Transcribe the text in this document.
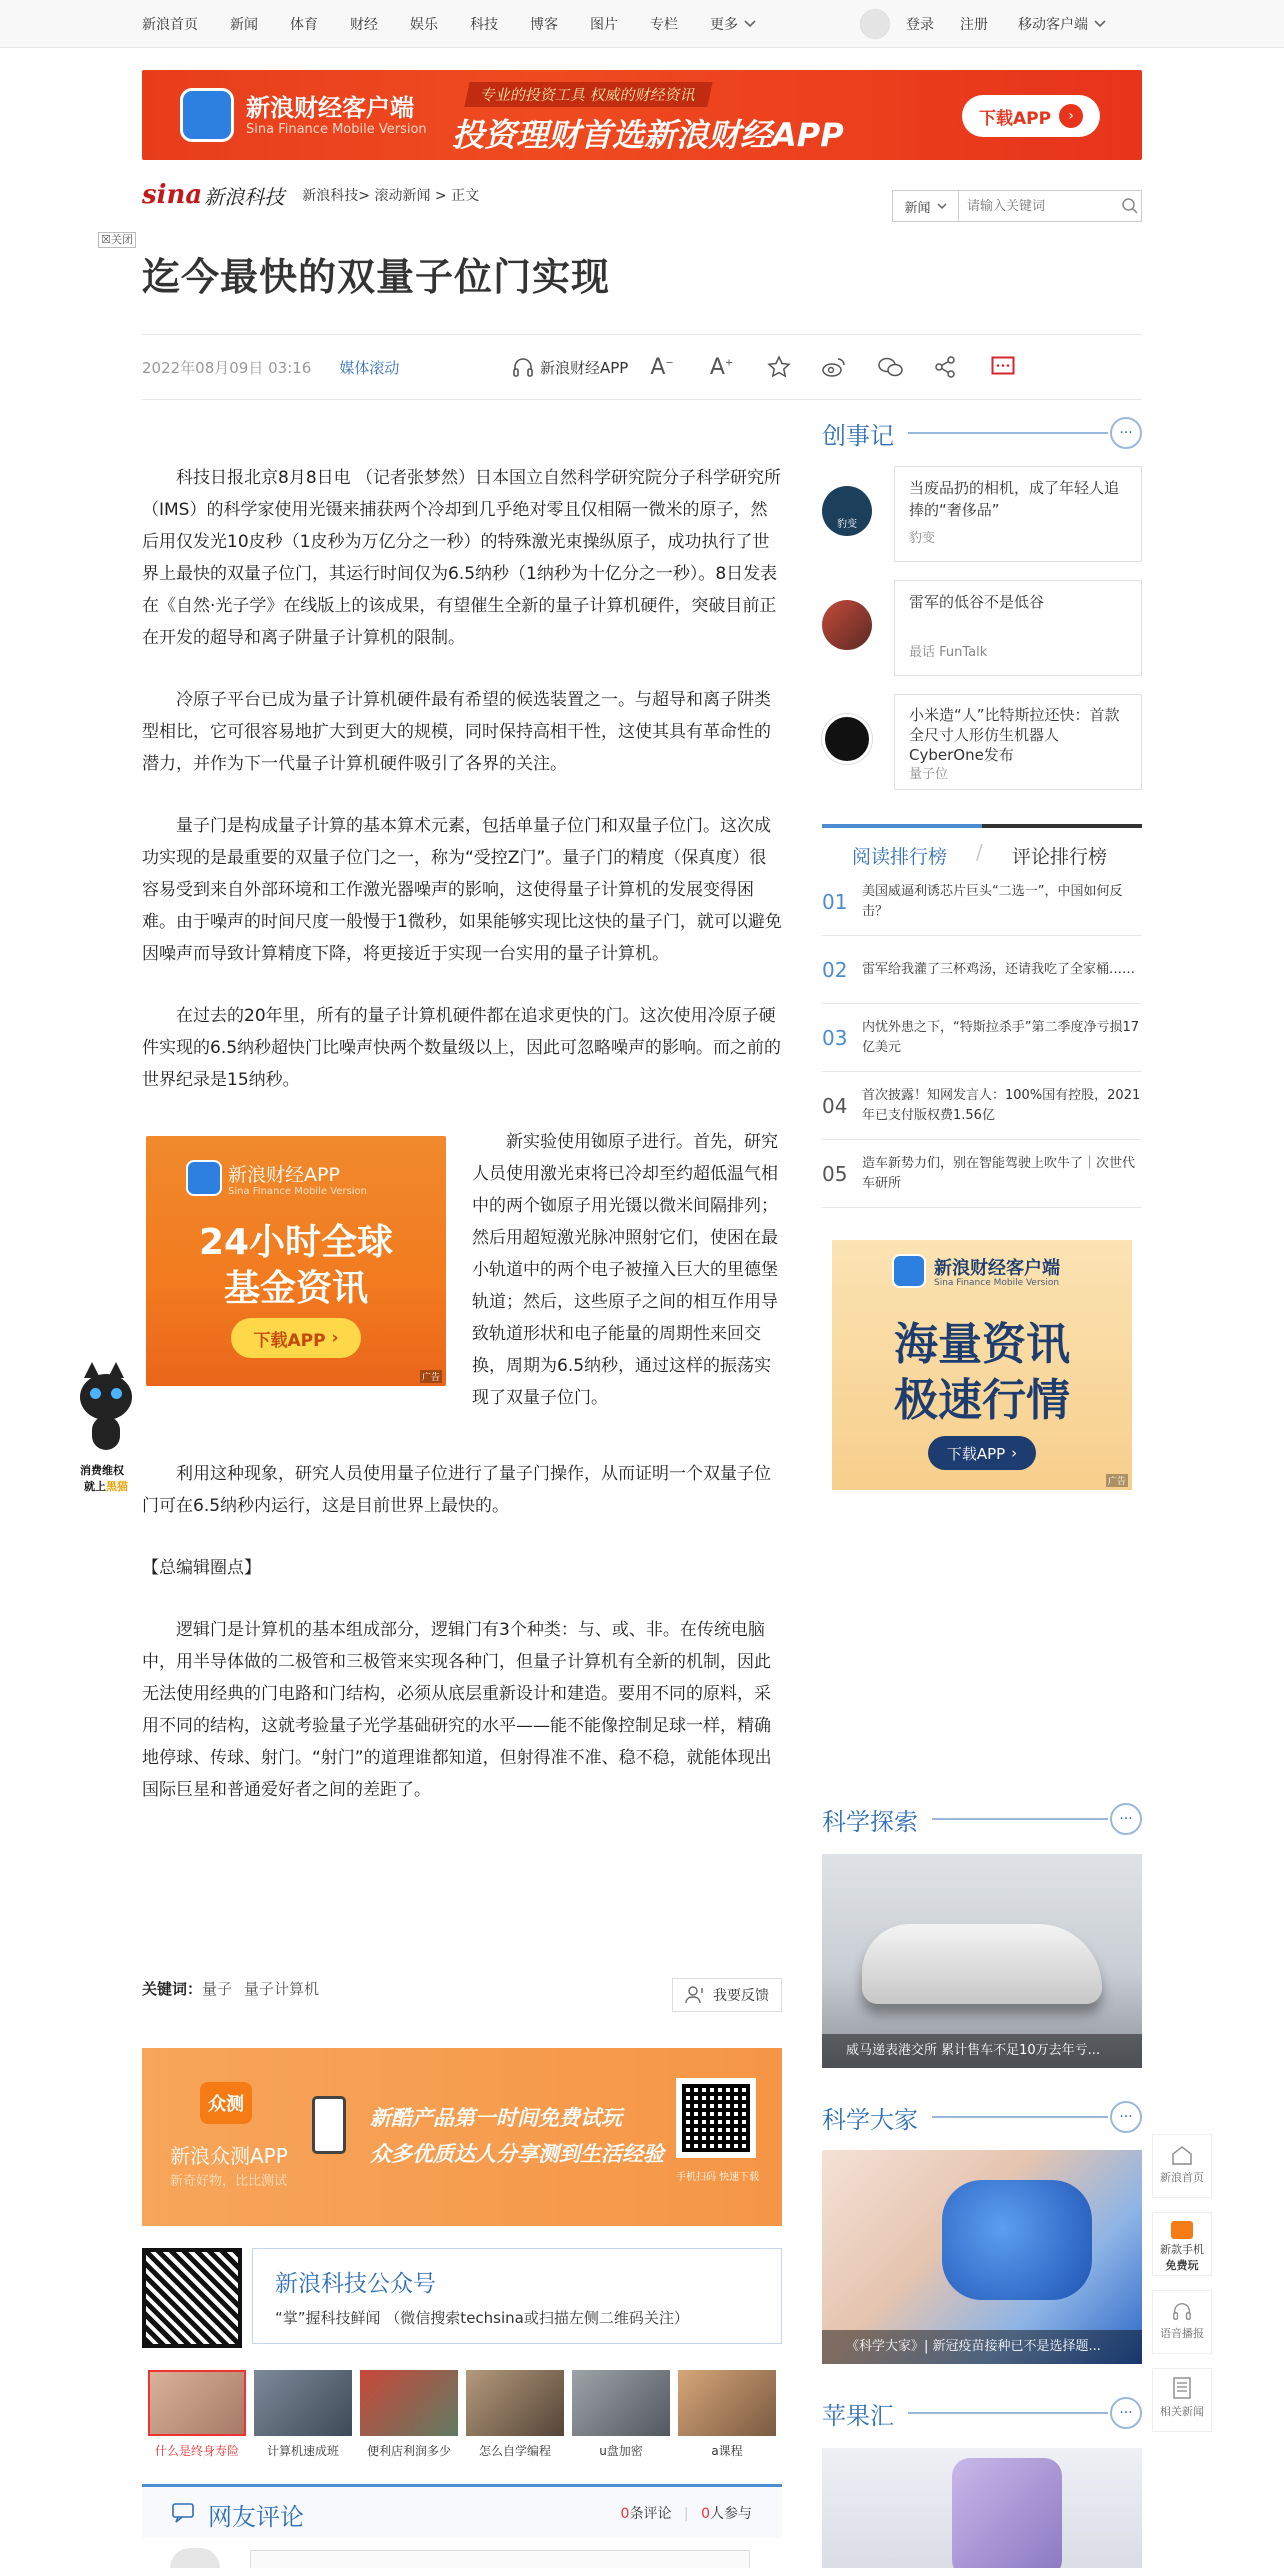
新浪首页 新闻 体育 财经 娱乐 科技 博客 图片 专栏 更多	登录 注册 移动客户端
新浪财经客户端
Sina Finance Mobile Version
专业的投资工具 权威的财经资讯
投资理财首选新浪财经APP	下载APP	›
sina 新浪科技 新浪科技> 滚动新闻 > 正文
新闻
请输入关键词
☒关闭
迄今最快的双量子位门实现
2022年08月09日 03:16 媒体滚动	新浪财经APP A− A+

科技日报北京8月8日电 （记者张梦然）日本国立自然科学研究院分子科学研究所（IMS）的科学家使用光镊来捕获两个冷却到几乎绝对零且仅相隔一微米的原子，然后用仅发光10皮秒（1皮秒为万亿分之一秒）的特殊激光束操纵原子，成功执行了世界上最快的双量子位门，其运行时间仅为6.5纳秒（1纳秒为十亿分之一秒）。8日发表在《自然·光子学》在线版上的该成果，有望催生全新的量子计算机硬件，突破目前正在开发的超导和离子阱量子计算机的限制。

冷原子平台已成为量子计算机硬件最有希望的候选装置之一。与超导和离子阱类型相比，它可很容易地扩大到更大的规模，同时保持高相干性，这使其具有革命性的潜力，并作为下一代量子计算机硬件吸引了各界的关注。

量子门是构成量子计算的基本算术元素，包括单量子位门和双量子位门。这次成功实现的是最重要的双量子位门之一，称为“受控Z门”。量子门的精度（保真度）很容易受到来自外部环境和工作激光器噪声的影响，这使得量子计算机的发展变得困难。由于噪声的时间尺度一般慢于1微秒，如果能够实现比这快的量子门，就可以避免因噪声而导致计算精度下降，将更接近于实现一台实用的量子计算机。

在过去的20年里，所有的量子计算机硬件都在追求更快的门。这次使用冷原子硬件实现的6.5纳秒超快门比噪声快两个数量级以上，因此可忽略噪声的影响。而之前的世界纪录是15纳秒。

新浪财经APP
Sina Finance Mobile Version
24小时全球
基金资讯
下载APP ›
广告

新实验使用铷原子进行。首先，研究人员使用激光束将已冷却至约超低温气相中的两个铷原子用光镊以微米间隔排列；然后用超短激光脉冲照射它们，使困在最小轨道中的两个电子被撞入巨大的里德堡轨道；然后，这些原子之间的相互作用导致轨道形状和电子能量的周期性来回交换，周期为6.5纳秒，通过这样的振荡实现了双量子位门。

利用这种现象，研究人员使用量子位进行了量子门操作，从而证明一个双量子位门可在6.5纳秒内运行，这是目前世界上最快的。

【总编辑圈点】

逻辑门是计算机的基本组成部分，逻辑门有3个种类：与、或、非。在传统电脑中，用半导体做的二极管和三极管来实现各种门，但量子计算机有全新的机制，因此无法使用经典的门电路和门结构，必须从底层重新设计和建造。要用不同的原料，采用不同的结构，这就考验量子光学基础研究的水平——能不能像控制足球一样，精确地停球、传球、射门。“射门”的道理谁都知道，但射得准不准、稳不稳，就能体现出国际巨星和普通爱好者之间的差距了。

关键词：量子 量子计算机	我要反馈
众测
新浪众测APP
新奇好物，比比测试
新酷产品第一时间免费试玩
众多优质达人分享测到生活经验
手机扫码 快速下载
新浪科技公众号
“掌”握科技鲜闻 （微信搜索techsina或扫描左侧二维码关注）
什么是终身寿险	计算机速成班	便利店利润多少	怎么自学编程	u盘加密	a课程
网友评论	0条评论 | 0人参与
创事记	···
豹变
当废品扔的相机，成了年轻人追捧的“奢侈品”
豹变
雷军的低谷不是低谷
最话 FunTalk
小米造“人”比特斯拉还快：首款全尺寸人形仿生机器人CyberOne发布
量子位
阅读排行榜 / 评论排行榜
01	美国威逼利诱芯片巨头“二选一”，中国如何反击？
02	雷军给我灌了三杯鸡汤，还请我吃了全家桶……
03	内忧外患之下，“特斯拉杀手”第二季度净亏损17亿美元
04	首次披露！知网发言人：100%国有控股，2021年已支付版权费1.56亿
05	造车新势力们，别在智能驾驶上吹牛了｜次世代车研所
新浪财经客户端
Sina Finance Mobile Version
海量资讯
极速行情
下载APP ›
广告
科学探索	···
威马递表港交所 累计售车不足10万去年亏...
科学大家	···
《科学大家》| 新冠疫苗接种已不是选择题...
苹果汇	···
消费维权
就上黑猫
新浪首页
新款手机
免费玩
语音播报
相关新闻
